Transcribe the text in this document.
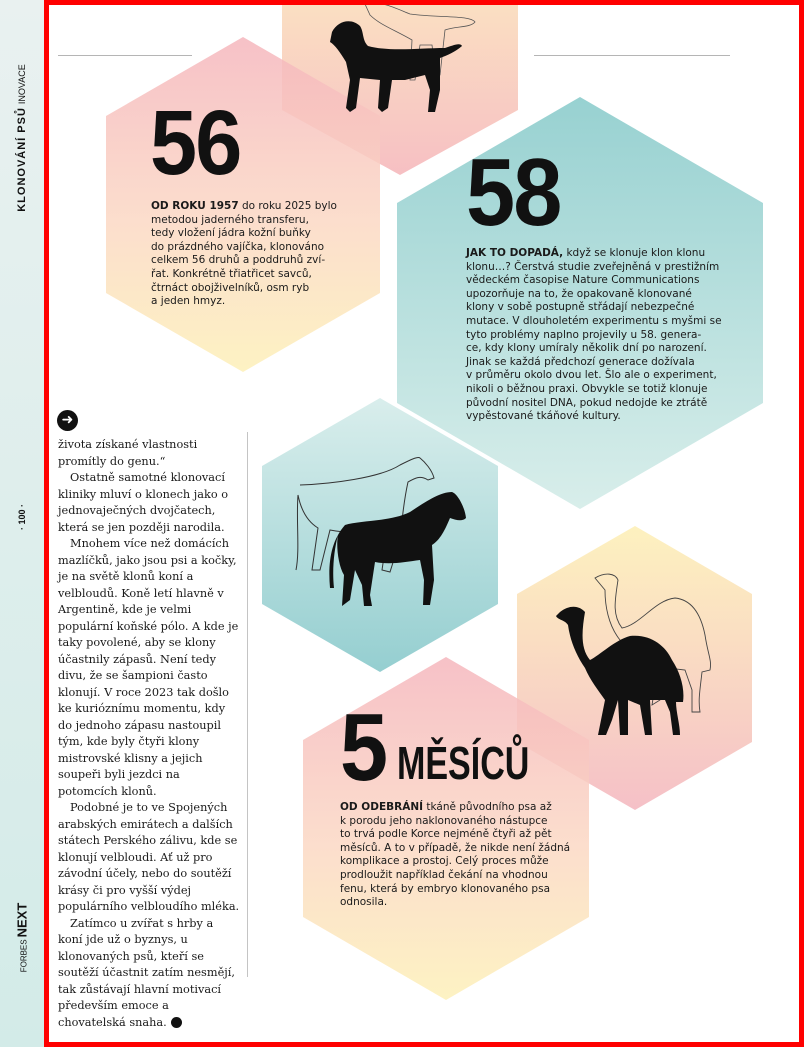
KLONOVÁNÍ PSŮINOVACE
· 100 ·
FORBESNEXT
56
OD ROKU 1957 do roku 2025 bylo
metodou jaderného transferu,
tedy vložení jádra kožní buňky
do prázdného vajíčka, klonováno
celkem 56 druhů a poddruhů zví-
řat. Konkrétně třiatřicet savců,
čtrnáct obojživelníků, osm ryb
a jeden hmyz.
58
JAK TO DOPADÁ, když se klonuje klon klonu
klonu…? Čerstvá studie zveřejněná v prestižním
vědeckém časopise Nature Communications
upozorňuje na to, že opakovaně klonované
klony v sobě postupně střádají nebezpečné
mutace. V dlouholetém experimentu s myšmi se
tyto problémy naplno projevily u 58. genera-
ce, kdy klony umíraly několik dní po narození.
Jinak se každá předchozí generace dožívala
v průměru okolo dvou let. Šlo ale o experiment,
nikoli o běžnou praxi. Obvykle se totiž klonuje
původní nositel DNA, pokud nedojde ke ztrátě
vypěstované tkáňové kultury.
5 MĚSÍCŮ
OD ODEBRÁNÍ tkáně původního psa až
k porodu jeho naklonovaného nástupce
to trvá podle Korce nejméně čtyři až pět
měsíců. A to v případě, že nikde není žádná
komplikace a prostoj. Celý proces může
prodloužit například čekání na vhodnou
fenu, která by embryo klonovaného psa
odnosila.
➜

života získané vlastnosti promítly do genu.“

Ostatně samotné klonovací kliniky mluví o klonech jako o jednovaječných dvojčatech, která se jen později narodila.

Mnohem více než domácích mazlíčků, jako jsou psi a kočky, je na světě klonů koní a velbloudů. Koně letí hlavně v Argentině, kde je velmi populární koňské pólo. A kde je taky povolené, aby se klony účastnily zápasů. Není tedy divu, že se šampioni často klonují. V roce 2023 tak došlo ke kurióznímu momentu, kdy do jednoho zápasu nastoupil tým, kde byly čtyři klony mistrovské klisny a jejich soupeři byli jezdci na potomcích klonů.

Podobné je to ve Spojených arabských emirátech a dalších státech Perského zálivu, kde se klonují velbloudi. Ať už pro závodní účely, nebo do soutěží krásy či pro vyšší výdej populárního velbloudího mléka.

Zatímco u zvířat s hrby a koní jde už o byznys, u klonovaných psů, kteří se soutěží účastnit zatím nesmějí, tak zůstávají hlavní motivací především emoce a chovatelská snaha. N
